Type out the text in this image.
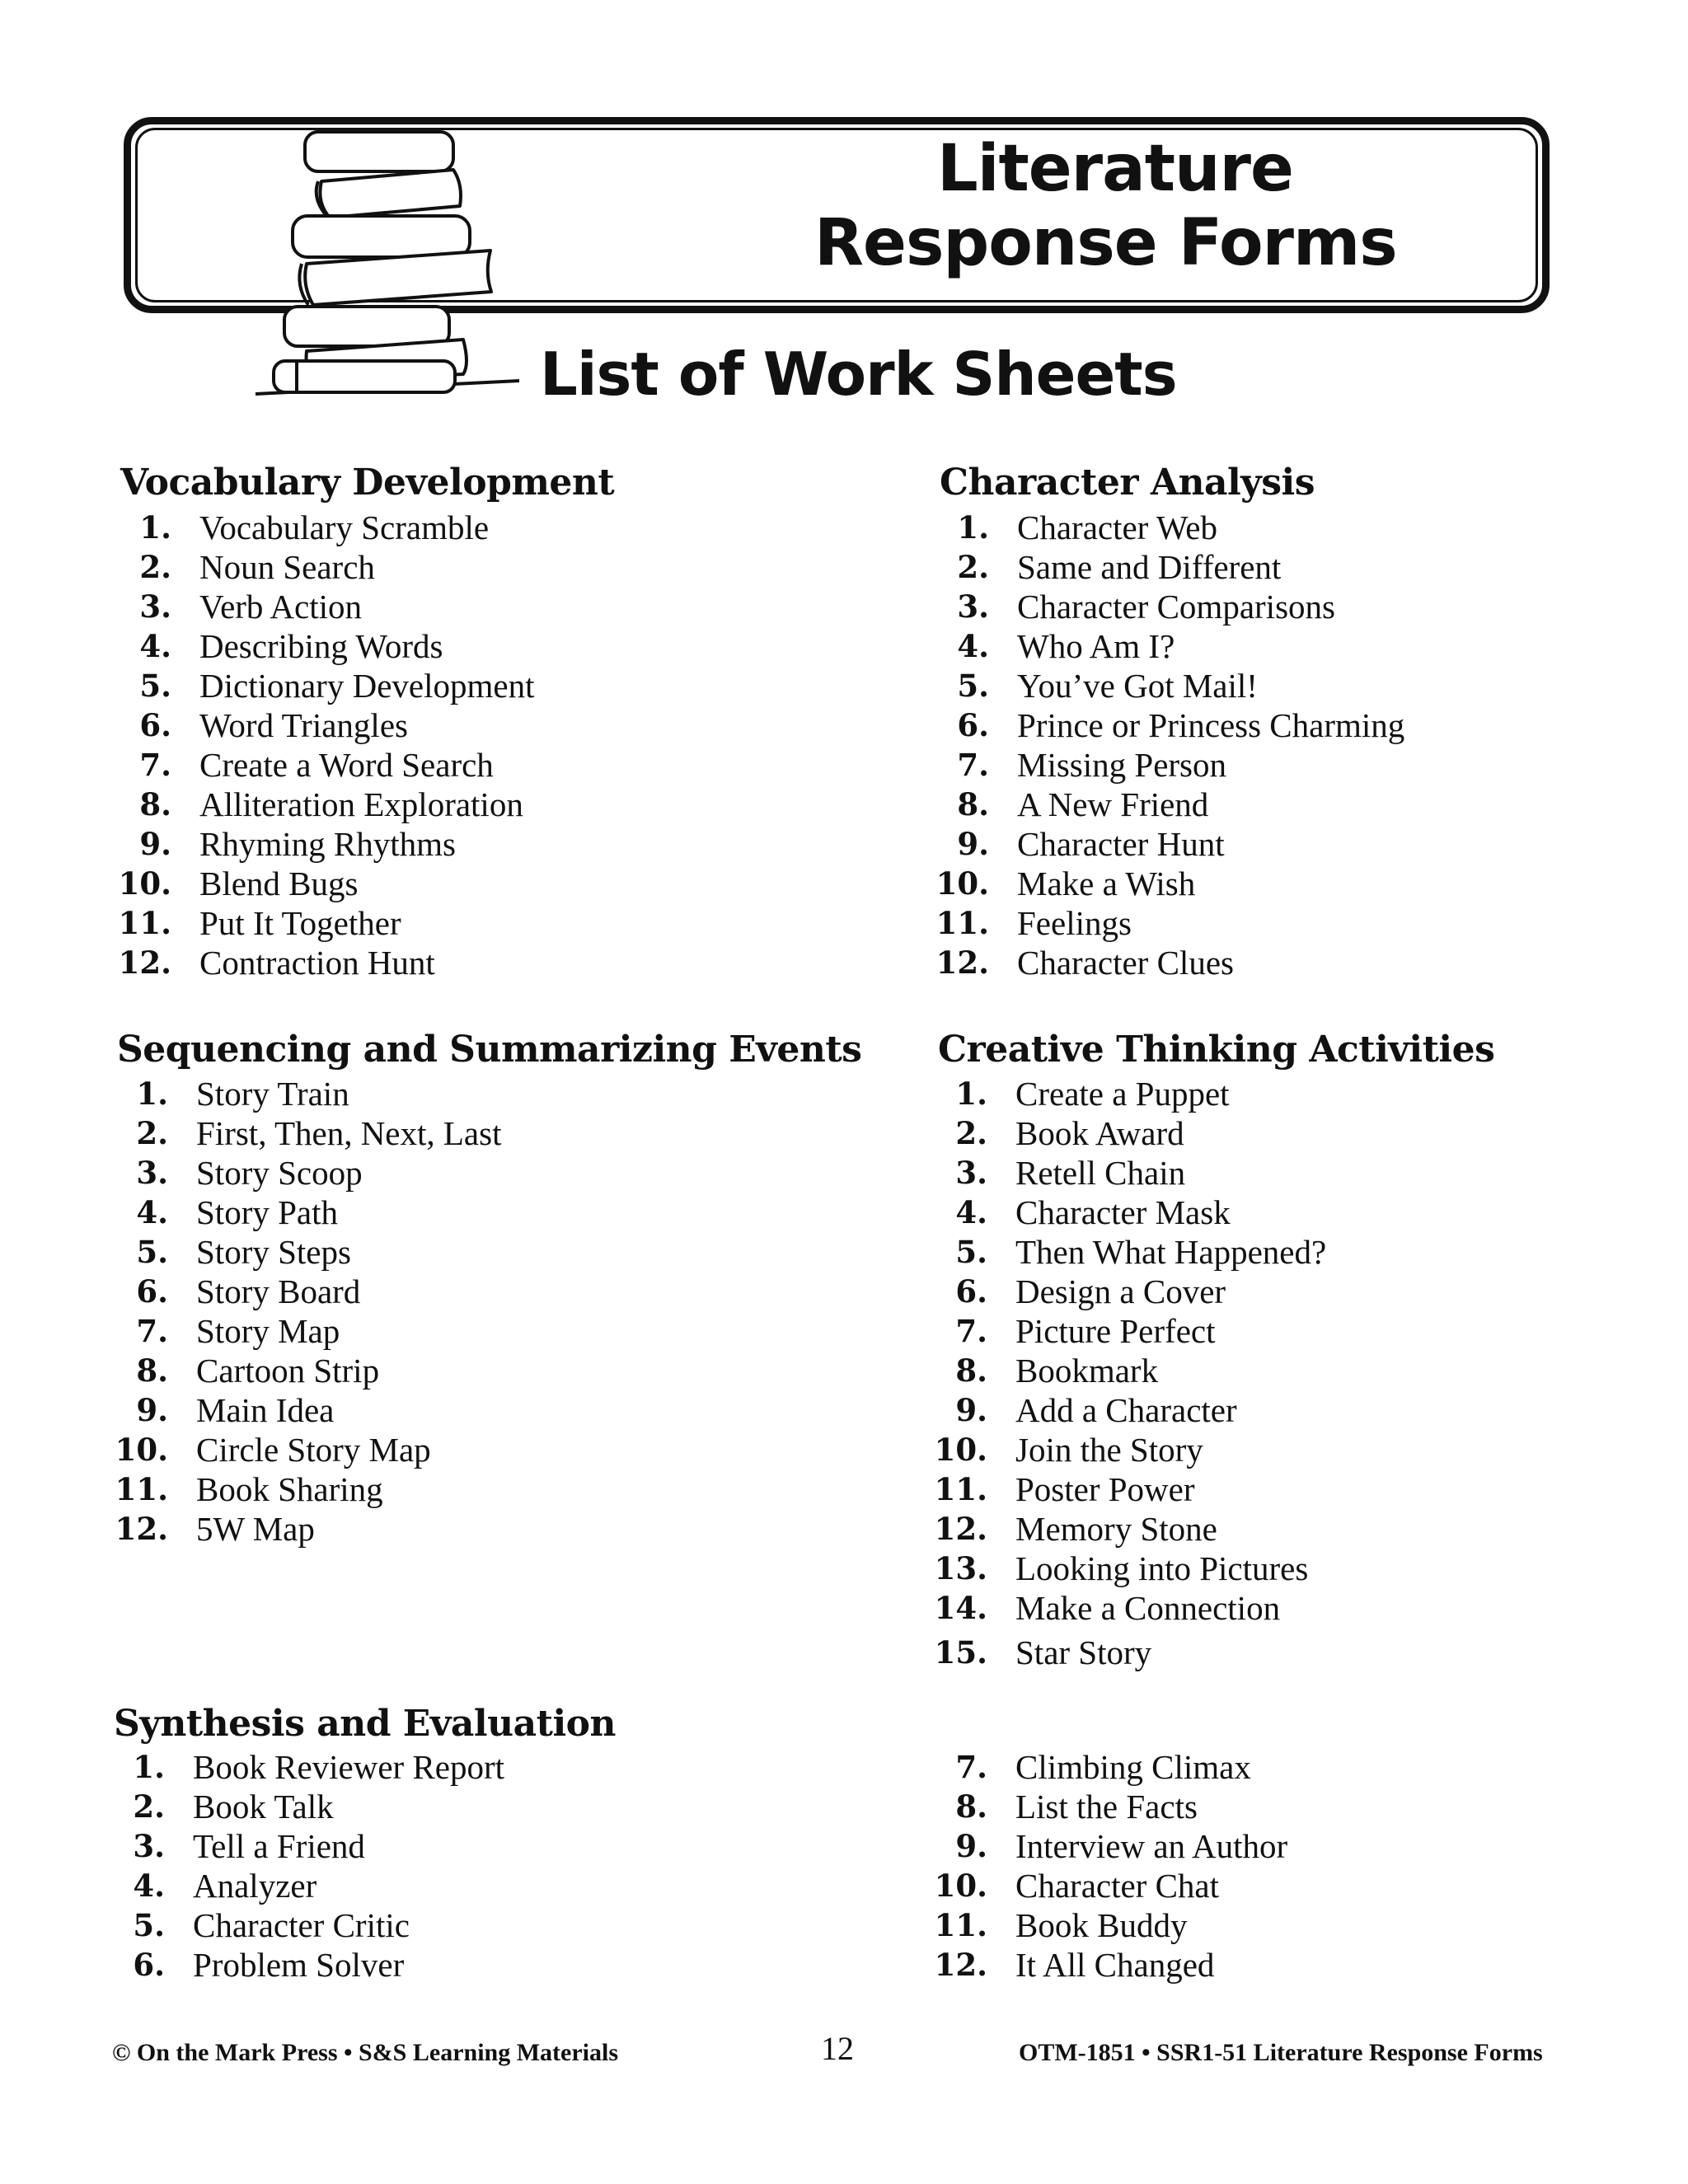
Literature
Response Forms
List of Work Sheets
Vocabulary Development
1. Vocabulary Scramble
2. Noun Search
3. Verb Action
4. Describing Words
5. Dictionary Development
6. Word Triangles
7. Create a Word Search
8. Alliteration Exploration
9. Rhyming Rhythms
10. Blend Bugs
11. Put It Together
12. Contraction Hunt
Character Analysis
1. Character Web
2. Same and Different
3. Character Comparisons
4. Who Am I?
5. You’ve Got Mail!
6. Prince or Princess Charming
7. Missing Person
8. A New Friend
9. Character Hunt
10. Make a Wish
11. Feelings
12. Character Clues
Sequencing and Summarizing Events
1. Story Train
2. First, Then, Next, Last
3. Story Scoop
4. Story Path
5. Story Steps
6. Story Board
7. Story Map
8. Cartoon Strip
9. Main Idea
10. Circle Story Map
11. Book Sharing
12. 5W Map
Creative Thinking Activities
1. Create a Puppet
2. Book Award
3. Retell Chain
4. Character Mask
5. Then What Happened?
6. Design a Cover
7. Picture Perfect
8. Bookmark
9. Add a Character
10. Join the Story
11. Poster Power
12. Memory Stone
13. Looking into Pictures
14. Make a Connection
15. Star Story
Synthesis and Evaluation
1. Book Reviewer Report
2. Book Talk
3. Tell a Friend
4. Analyzer
5. Character Critic
6. Problem Solver
7. Climbing Climax
8. List the Facts
9. Interview an Author
10. Character Chat
11. Book Buddy
12. It All Changed
© On the Mark Press • S&S Learning Materials	12	OTM-1851 • SSR1-51 Literature Response Forms
